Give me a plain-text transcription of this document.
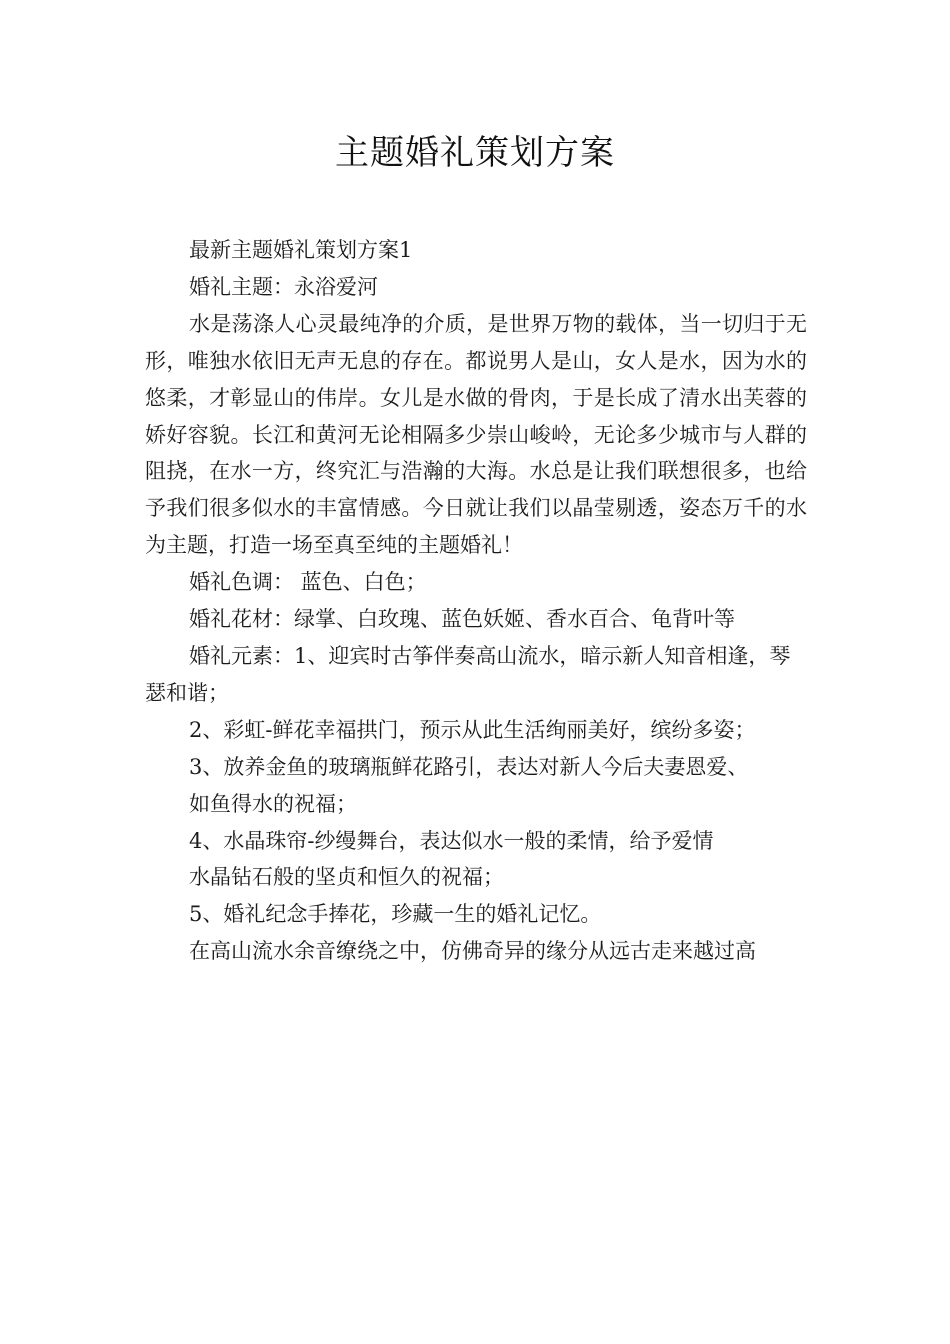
主题婚礼策划方案

最新主题婚礼策划方案1

婚礼主题：永浴爱河

水是荡涤人心灵最纯净的介质，是世界万物的载体，当一切归于无形，唯独水依旧无声无息的存在。都说男人是山，女人是水，因为水的悠柔，才彰显山的伟岸。女儿是水做的骨肉，于是长成了清水出芙蓉的娇好容貌。长江和黄河无论相隔多少崇山峻岭，无论多少城市与人群的阻挠，在水一方，终究汇与浩瀚的大海。水总是让我们联想很多，也给予我们很多似水的丰富情感。今日就让我们以晶莹剔透，姿态万千的水为主题，打造一场至真至纯的主题婚礼！

婚礼色调： 蓝色、白色；

婚礼花材：绿掌、白玫瑰、蓝色妖姬、香水百合、龟背叶等

婚礼元素：1、迎宾时古筝伴奏高山流水，暗示新人知音相逢，琴瑟和谐；

2、彩虹-鲜花幸福拱门，预示从此生活绚丽美好，缤纷多姿；

3、放养金鱼的玻璃瓶鲜花路引，表达对新人今后夫妻恩爱、

如鱼得水的祝福；

4、水晶珠帘-纱缦舞台，表达似水一般的柔情，给予爱情

水晶钻石般的坚贞和恒久的祝福；

5、婚礼纪念手捧花，珍藏一生的婚礼记忆。

在高山流水余音缭绕之中，仿佛奇异的缘分从远古走来越过高
